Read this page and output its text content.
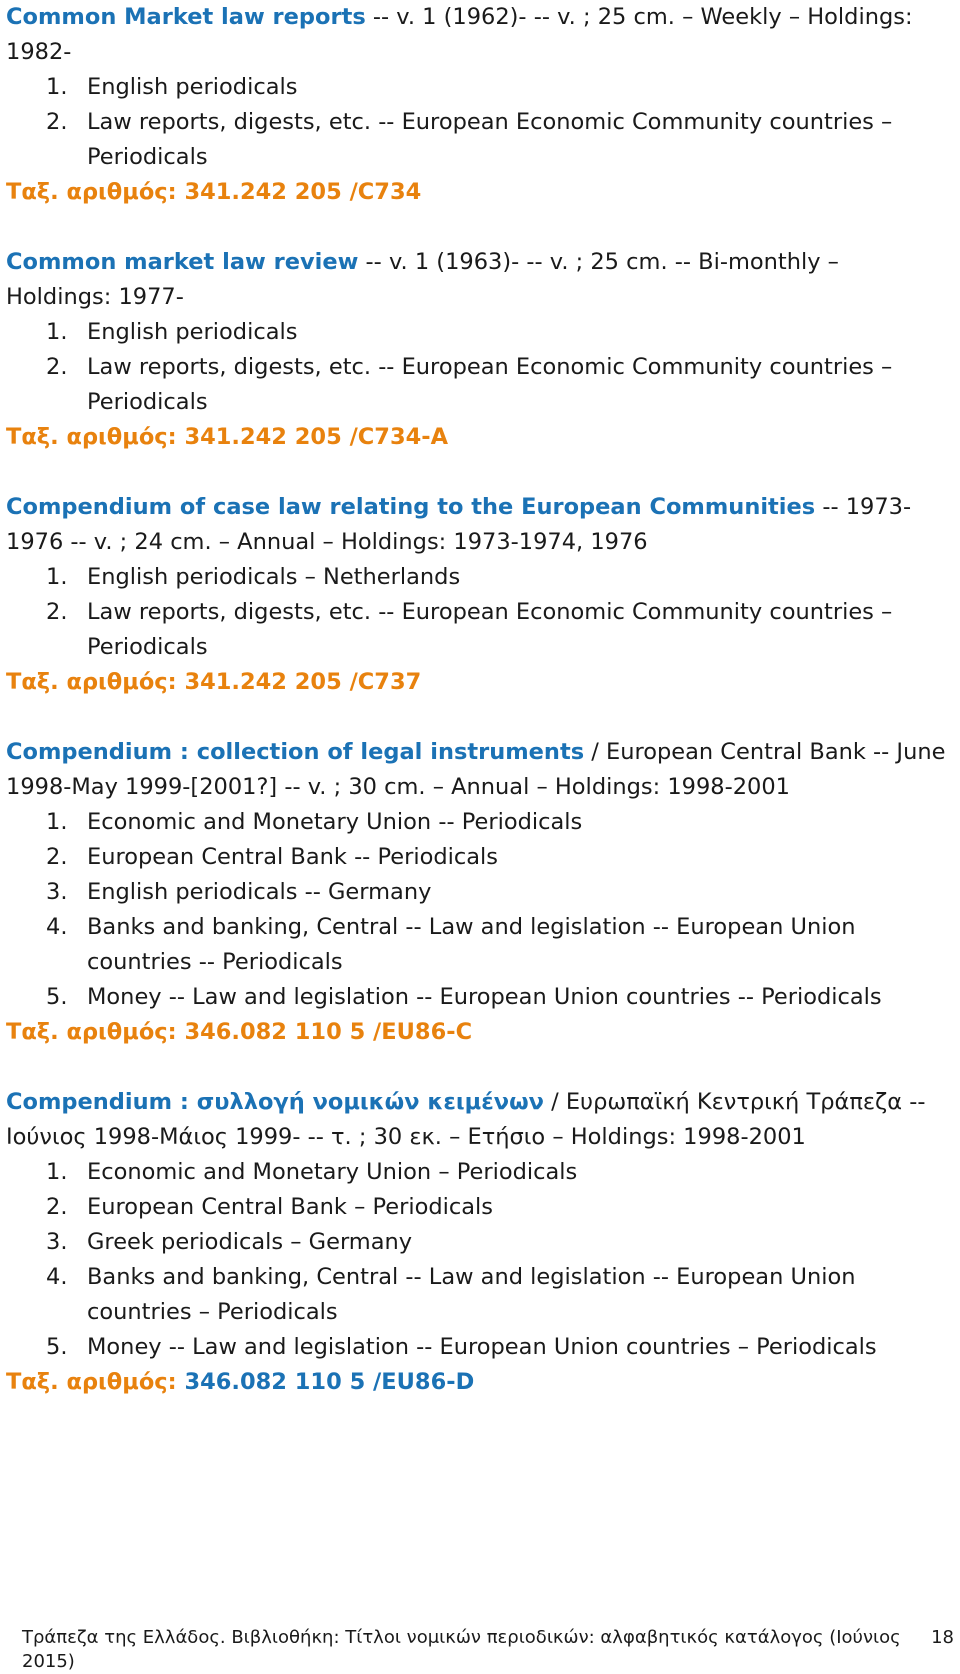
Common Market law reports -- v. 1 (1962)- -- v. ; 25 cm. – Weekly – Holdings: 1982-

1. English periodicals
2. Law reports, digests, etc. -- European Economic Community countries – Periodicals

Ταξ. αριθμός: 341.242 205 /C734

Common market law review -- v. 1 (1963)- -- v. ; 25 cm. -- Bi-monthly – Holdings: 1977-

1. English periodicals
2. Law reports, digests, etc. -- European Economic Community countries – Periodicals

Ταξ. αριθμός: 341.242 205 /C734-A

Compendium of case law relating to the European Communities -- 1973-1976 -- v. ; 24 cm. – Annual – Holdings: 1973-1974, 1976

1. English periodicals – Netherlands
2. Law reports, digests, etc. -- European Economic Community countries – Periodicals

Ταξ. αριθμός: 341.242 205 /C737

Compendium : collection of legal instruments / European Central Bank -- June 1998-May 1999-[2001?] -- v. ; 30 cm. – Annual – Holdings: 1998-2001

1. Economic and Monetary Union -- Periodicals
2. European Central Bank -- Periodicals
3. English periodicals -- Germany
4. Banks and banking, Central -- Law and legislation -- European Union countries -- Periodicals
5. Money -- Law and legislation -- European Union countries -- Periodicals

Ταξ. αριθμός: 346.082 110 5 /EU86-C

Compendium : συλλογή νομικών κειμένων / Ευρωπαϊκή Κεντρική Τράπεζα -- Ιούνιος 1998-Μάιος 1999- -- τ. ; 30 εκ. – Ετήσιο – Holdings: 1998-2001

1. Economic and Monetary Union – Periodicals
2. European Central Bank – Periodicals
3. Greek periodicals – Germany
4. Banks and banking, Central -- Law and legislation -- European Union countries – Periodicals
5. Money -- Law and legislation -- European Union countries – Periodicals

Ταξ. αριθμός: 346.082 110 5 /EU86-D

Τράπεζα της Ελλάδος. Βιβλιοθήκη: Τίτλοι νομικών περιοδικών: αλφαβητικός κατάλογος (Ιούνιος 2015)
18
